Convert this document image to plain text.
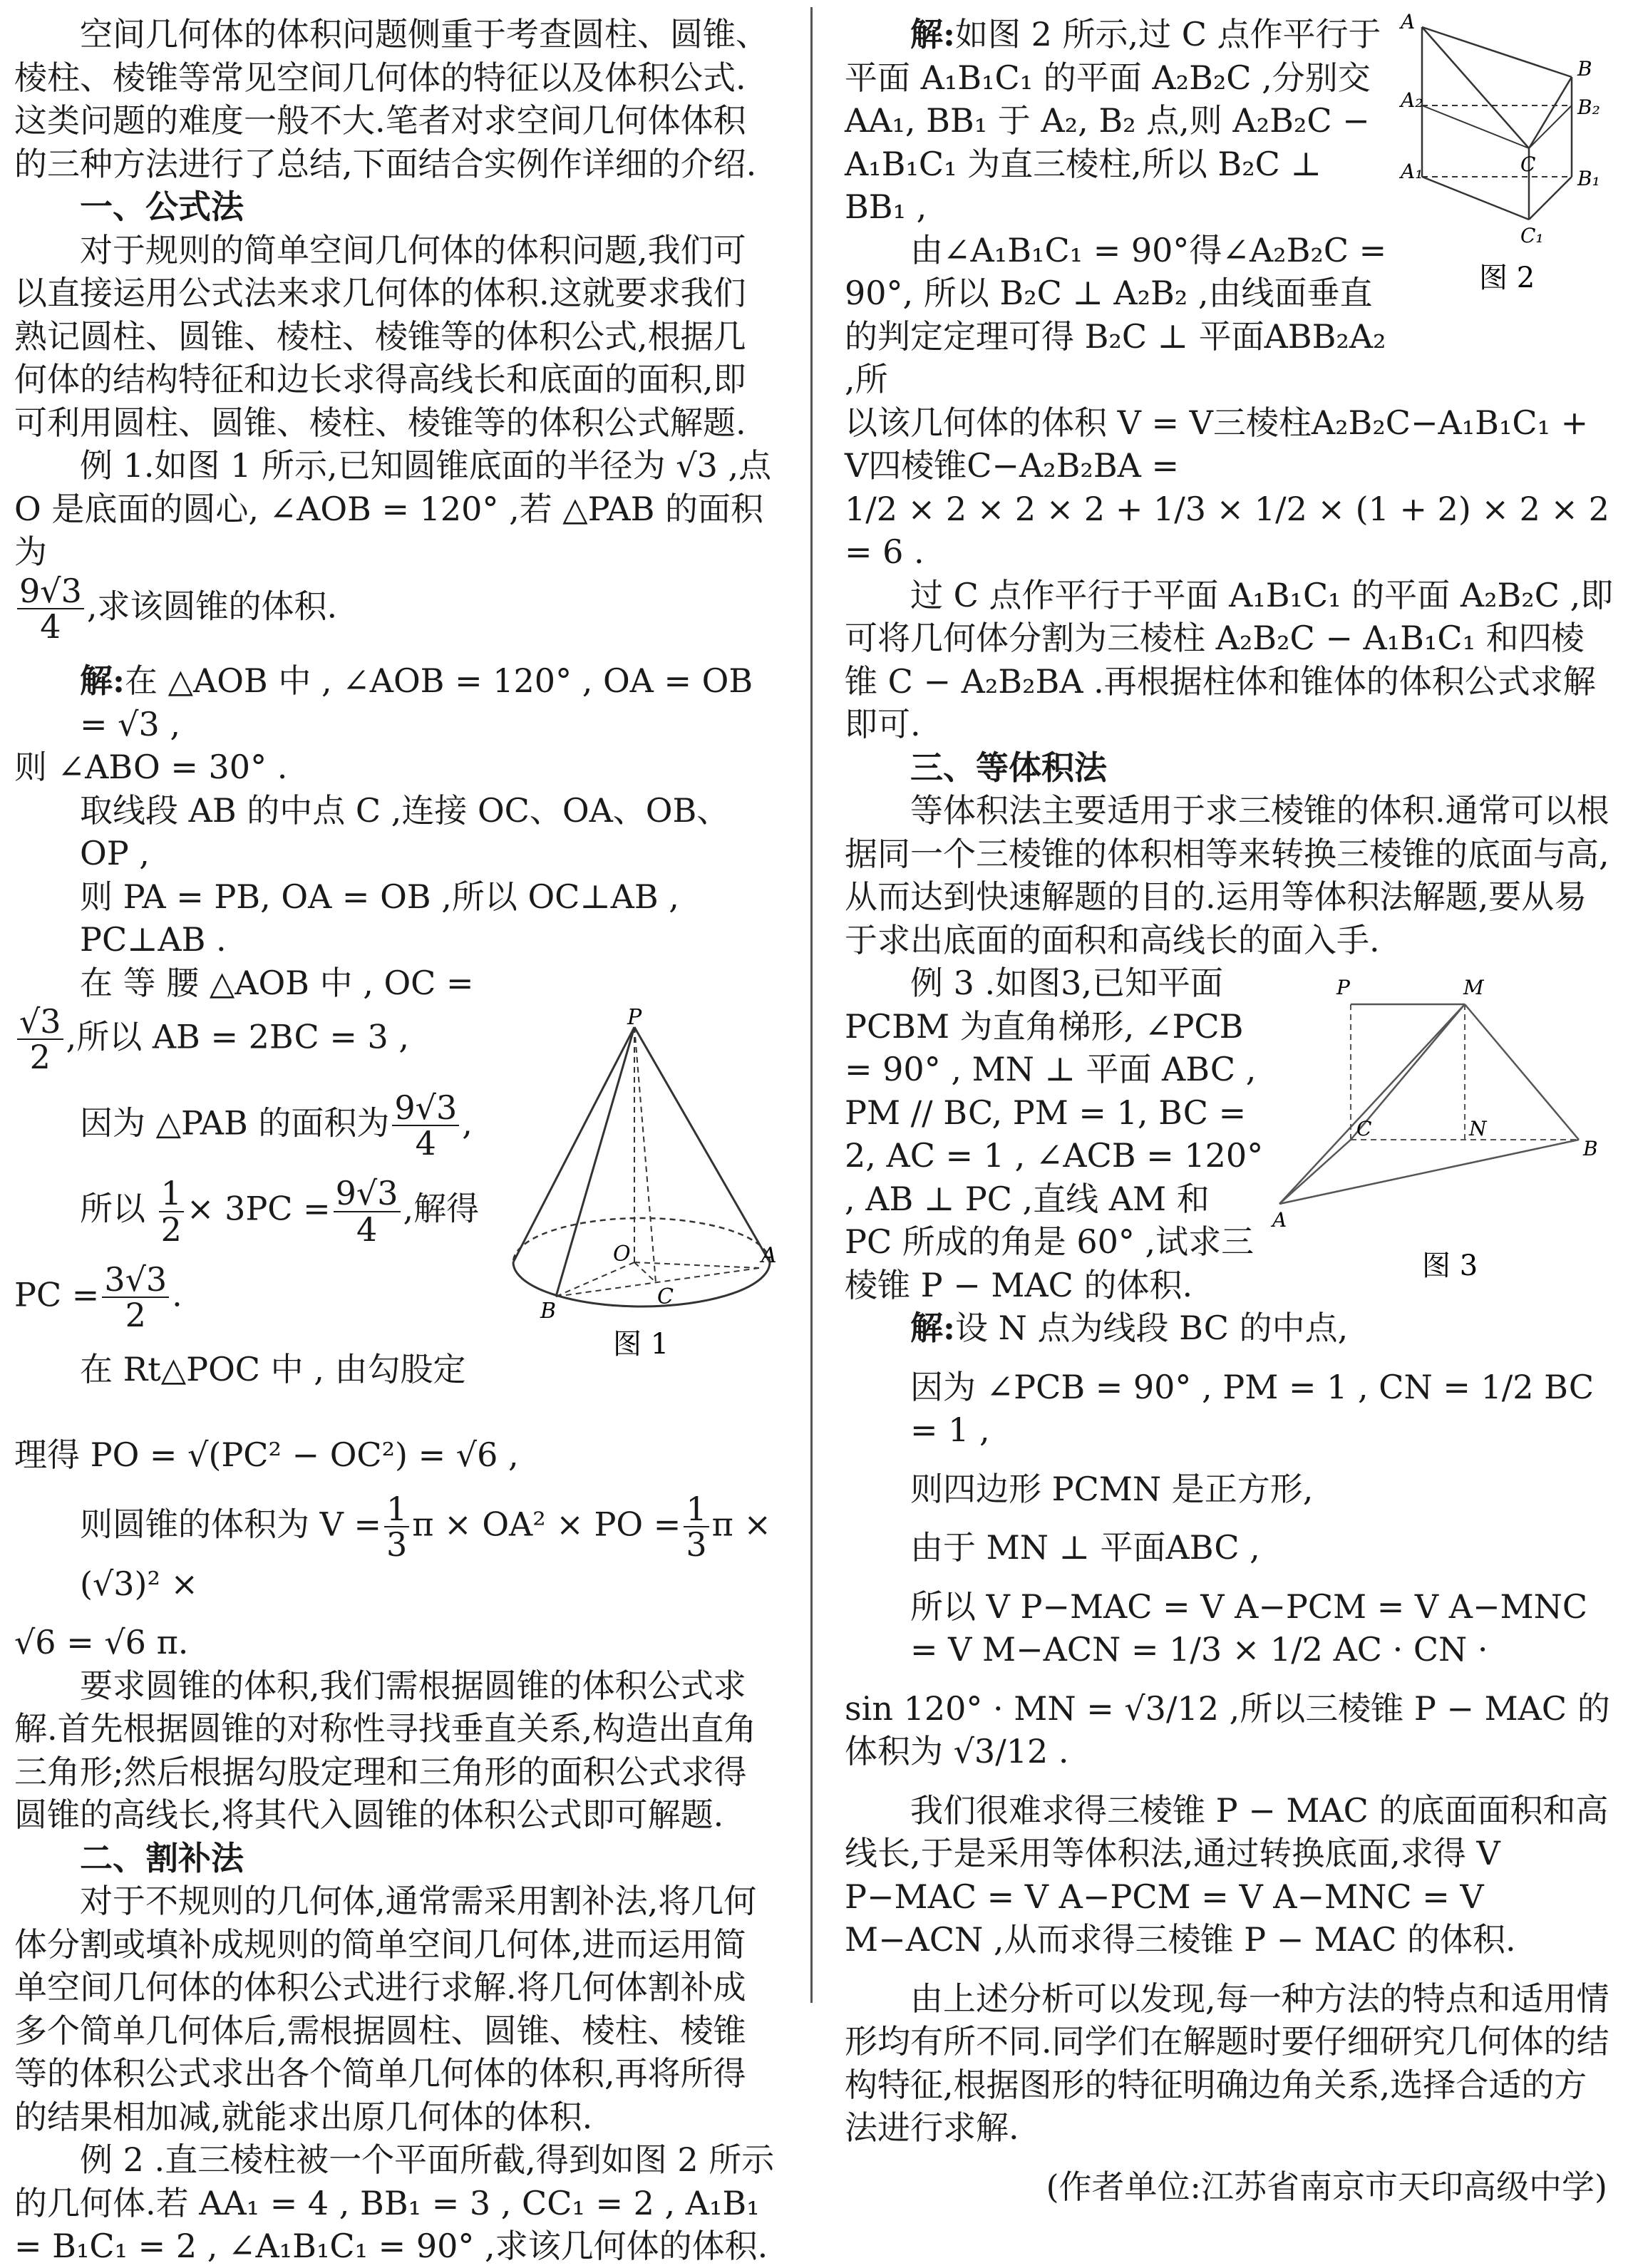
空间几何体的体积问题侧重于考查圆柱、圆锥、棱柱、棱锥等常见空间几何体的特征以及体积公式.这类问题的难度一般不大.笔者对求空间几何体体积的三种方法进行了总结,下面结合实例作详细的介绍.

一、公式法

对于规则的简单空间几何体的体积问题,我们可以直接运用公式法来求几何体的体积.这就要求我们熟记圆柱、圆锥、棱柱、棱锥等的体积公式,根据几何体的结构特征和边长求得高线长和底面的面积,即可利用圆柱、圆锥、棱柱、棱锥等的体积公式解题.

例 1.如图 1 所示,已知圆锥底面的半径为 √3 ,点 O 是底面的圆心, ∠AOB = 120° ,若 △PAB 的面积为

$\frac{9√3}{4}$ ,求该圆锥的体积.

解:在 △AOB 中 , ∠AOB = 120° , OA = OB = √3 ,

则 ∠ABO = 30° .

取线段 AB 的中点 C ,连接 OC、OA、OB、OP ,

则 PA = PB, OA = OB ,所以 OC⊥AB , PC⊥AB .

P
O	A
B
C
图 1

在 等 腰 △AOB 中 , OC =

$\frac{√3}{2}$ ,所以 AB = 2BC = 3 ,

因为 △PAB 的面积为 $\frac{9√3}{4}$ ,

所以 $\frac{1}{2} \times 3PC = \frac{9√3}{4}$ ,解得

PC = $\frac{3√3}{2}$ .

在 Rt△POC 中 , 由勾股定

理得 PO = √(PC² − OC²) = √6 ,

则圆锥的体积为 $V = \frac{1}{3}$ π × OA² × PO = $\frac{1}{3}$ π × (√3)² ×

√6 = √6 π.

要求圆锥的体积,我们需根据圆锥的体积公式求解.首先根据圆锥的对称性寻找垂直关系,构造出直角三角形;然后根据勾股定理和三角形的面积公式求得圆锥的高线长,将其代入圆锥的体积公式即可解题.

二、割补法

对于不规则的几何体,通常需采用割补法,将几何体分割或填补成规则的简单空间几何体,进而运用简单空间几何体的体积公式进行求解.将几何体割补成多个简单几何体后,需根据圆柱、圆锥、棱柱、棱锥等的体积公式求出各个简单几何体的体积,再将所得的结果相加减,就能求出原几何体的体积.

例 2 .直三棱柱被一个平面所截,得到如图 2 所示的几何体.若 AA₁ = 4 , BB₁ = 3 , CC₁ = 2 , A₁B₁ = B₁C₁ = 2 , ∠A₁B₁C₁ = 90° ,求该几何体的体积.

A
B
A₂	B₂
C
A₁	B₁
C₁
图 2

解:如图 2 所示,过 C 点作平行于平面 A₁B₁C₁ 的平面 A₂B₂C ,分别交 AA₁, BB₁ 于 A₂, B₂ 点,则 A₂B₂C − A₁B₁C₁ 为直三棱柱,所以 B₂C ⊥ BB₁ ,

由∠A₁B₁C₁ = 90°得∠A₂B₂C = 90°, 所以 B₂C ⊥ A₂B₂ ,由线面垂直的判定定理可得 B₂C ⊥ 平面ABB₂A₂ ,所

以该几何体的体积 V = V三棱柱A₂B₂C−A₁B₁C₁ + V四棱锥C−A₂B₂BA =

1/2 × 2 × 2 × 2 + 1/3 × 1/2 × (1 + 2) × 2 × 2 = 6 .

过 C 点作平行于平面 A₁B₁C₁ 的平面 A₂B₂C ,即可将几何体分割为三棱柱 A₂B₂C − A₁B₁C₁ 和四棱锥 C − A₂B₂BA .再根据柱体和锥体的体积公式求解即可.

三、等体积法

等体积法主要适用于求三棱锥的体积.通常可以根据同一个三棱锥的体积相等来转换三棱锥的底面与高,从而达到快速解题的目的.运用等体积法解题,要从易于求出底面的面积和高线长的面入手.

P	M
C	N
B
A
图 3

例 3 .如图3,已知平面 PCBM 为直角梯形, ∠PCB = 90° , MN ⊥ 平面 ABC , PM // BC, PM = 1, BC = 2, AC = 1 , ∠ACB = 120° , AB ⊥ PC ,直线 AM 和 PC 所成的角是 60° ,试求三棱锥 P − MAC 的体积.

解:设 N 点为线段 BC 的中点,

因为 ∠PCB = 90° , PM = 1 , CN = 1/2 BC = 1 ,

则四边形 PCMN 是正方形,

由于 MN ⊥ 平面ABC ,

所以 V P−MAC = V A−PCM = V A−MNC = V M−ACN = 1/3 × 1/2 AC · CN ·

sin 120° · MN = √3/12 ,所以三棱锥 P − MAC 的体积为 √3/12 .

我们很难求得三棱锥 P − MAC 的底面面积和高线长,于是采用等体积法,通过转换底面,求得 V P−MAC = V A−PCM = V A−MNC = V M−ACN ,从而求得三棱锥 P − MAC 的体积.

由上述分析可以发现,每一种方法的特点和适用情形均有所不同.同学们在解题时要仔细研究几何体的结构特征,根据图形的特征明确边角关系,选择合适的方法进行求解.

(作者单位:江苏省南京市天印高级中学)
